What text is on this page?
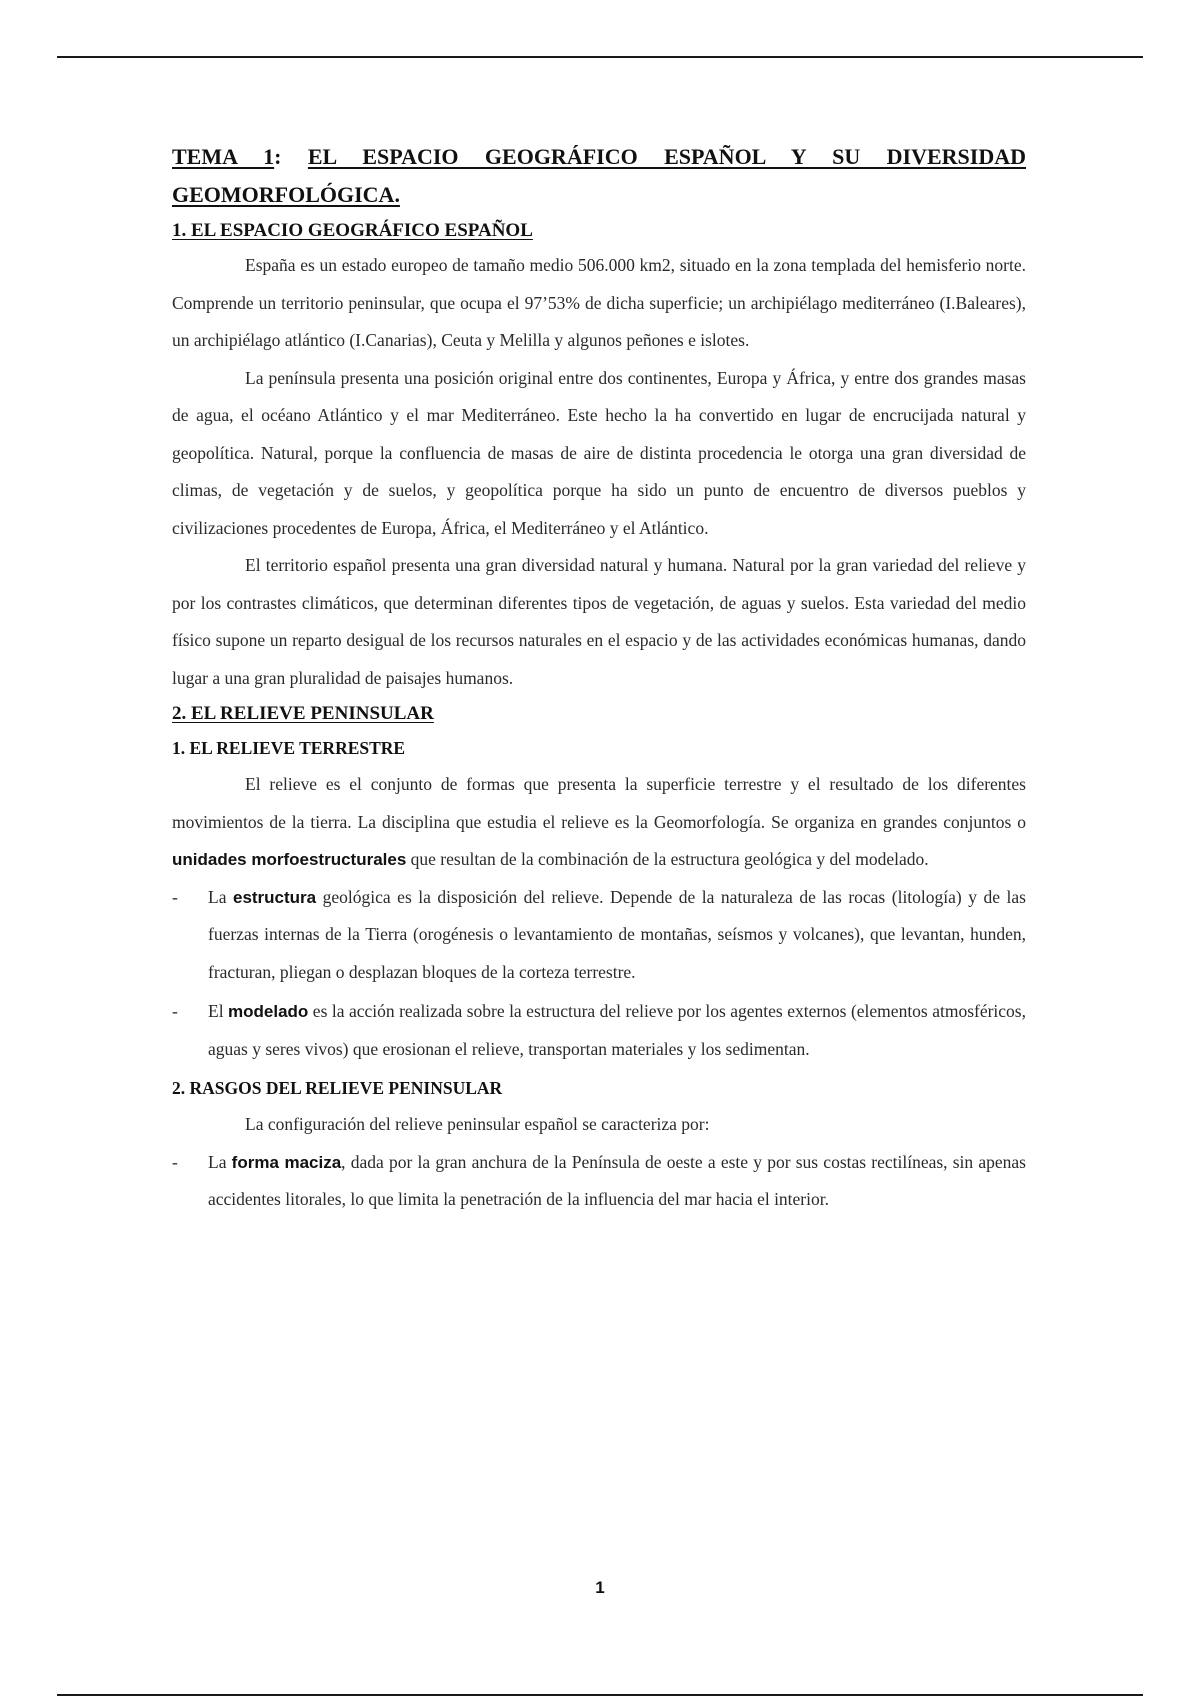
TEMA 1: EL ESPACIO GEOGRÁFICO ESPAÑOL Y SU DIVERSIDAD

GEOMORFOLÓGICA.

1. EL ESPACIO GEOGRÁFICO ESPAÑOL

España es un estado europeo de tamaño medio 506.000 km2, situado en la zona templada del hemisferio norte. Comprende un territorio peninsular, que ocupa el 97’53% de dicha superficie; un archipiélago mediterráneo (I.Baleares), un archipiélago atlántico (I.Canarias), Ceuta y Melilla y algunos peñones e islotes.

La península presenta una posición original entre dos continentes, Europa y África, y entre dos grandes masas de agua, el océano Atlántico y el mar Mediterráneo. Este hecho la ha convertido en lugar de encrucijada natural y geopolítica. Natural, porque la confluencia de masas de aire de distinta procedencia le otorga una gran diversidad de climas, de vegetación y de suelos, y geopolítica porque ha sido un punto de encuentro de diversos pueblos y civilizaciones procedentes de Europa, África, el Mediterráneo y el Atlántico.

El territorio español presenta una gran diversidad natural y humana. Natural por la gran variedad del relieve y por los contrastes climáticos, que determinan diferentes tipos de vegetación, de aguas y suelos. Esta variedad del medio físico supone un reparto desigual de los recursos naturales en el espacio y de las actividades económicas humanas, dando lugar a una gran pluralidad de paisajes humanos.

2. EL RELIEVE PENINSULAR

1. EL RELIEVE TERRESTRE

El relieve es el conjunto de formas que presenta la superficie terrestre y el resultado de los diferentes movimientos de la tierra. La disciplina que estudia el relieve es la Geomorfología. Se organiza en grandes conjuntos o unidades morfoestructurales que resultan de la combinación de la estructura geológica y del modelado.

- La estructura geológica es la disposición del relieve. Depende de la naturaleza de las rocas (litología) y de las fuerzas internas de la Tierra (orogénesis o levantamiento de montañas, seísmos y volcanes), que levantan, hunden, fracturan, pliegan o desplazan bloques de la corteza terrestre.

- El modelado es la acción realizada sobre la estructura del relieve por los agentes externos (elementos atmosféricos, aguas y seres vivos) que erosionan el relieve, transportan materiales y los sedimentan.

2. RASGOS DEL RELIEVE PENINSULAR

La configuración del relieve peninsular español se caracteriza por:

- La forma maciza, dada por la gran anchura de la Península de oeste a este y por sus costas rectilíneas, sin apenas accidentes litorales, lo que limita la penetración de la influencia del mar hacia el interior.

1
